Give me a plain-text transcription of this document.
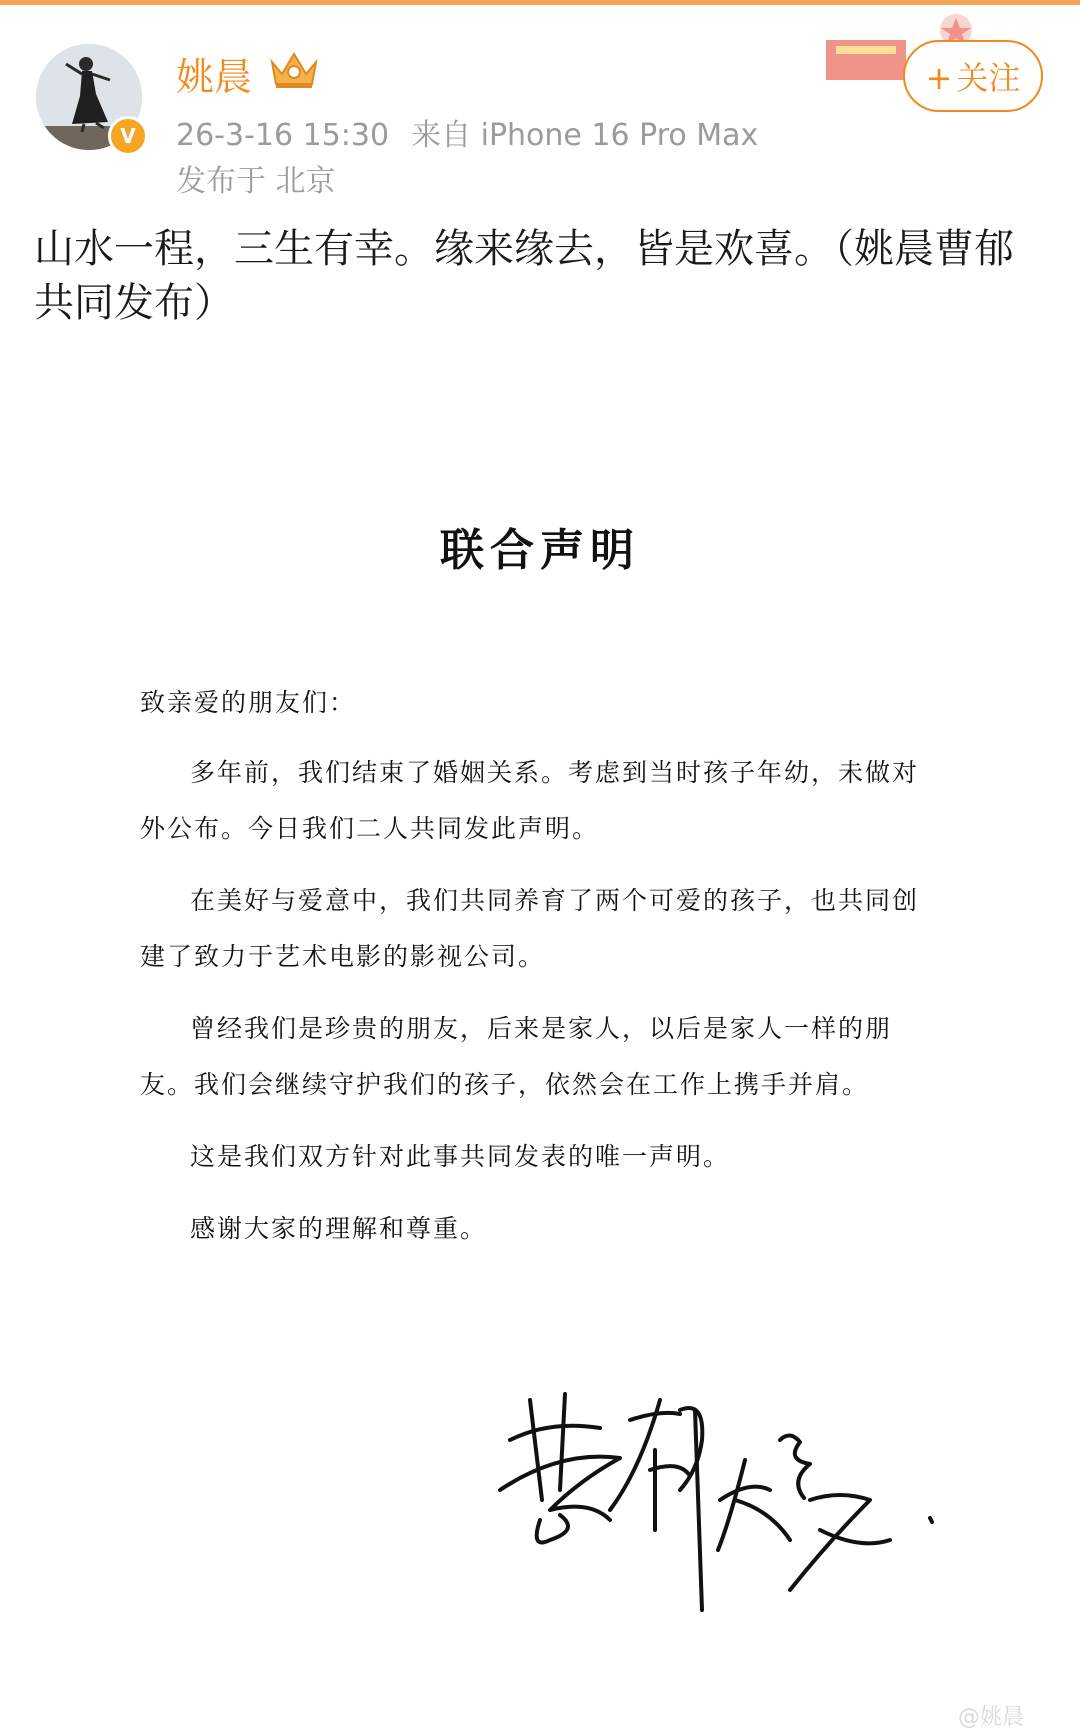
V
姚晨
26-3-16 15:30 来自 iPhone 16 Pro Max
发布于 北京
+ 关注
山水一程，三生有幸。缘来缘去，皆是欢喜。（姚晨曹郁共同发布）
联合声明

致亲爱的朋友们：

多年前，我们结束了婚姻关系。考虑到当时孩子年幼，未做对外公布。今日我们二人共同发此声明。

在美好与爱意中，我们共同养育了两个可爱的孩子，也共同创建了致力于艺术电影的影视公司。

曾经我们是珍贵的朋友，后来是家人，以后是家人一样的朋友。我们会继续守护我们的孩子，依然会在工作上携手并肩。

这是我们双方针对此事共同发表的唯一声明。

感谢大家的理解和尊重。

@姚晨
